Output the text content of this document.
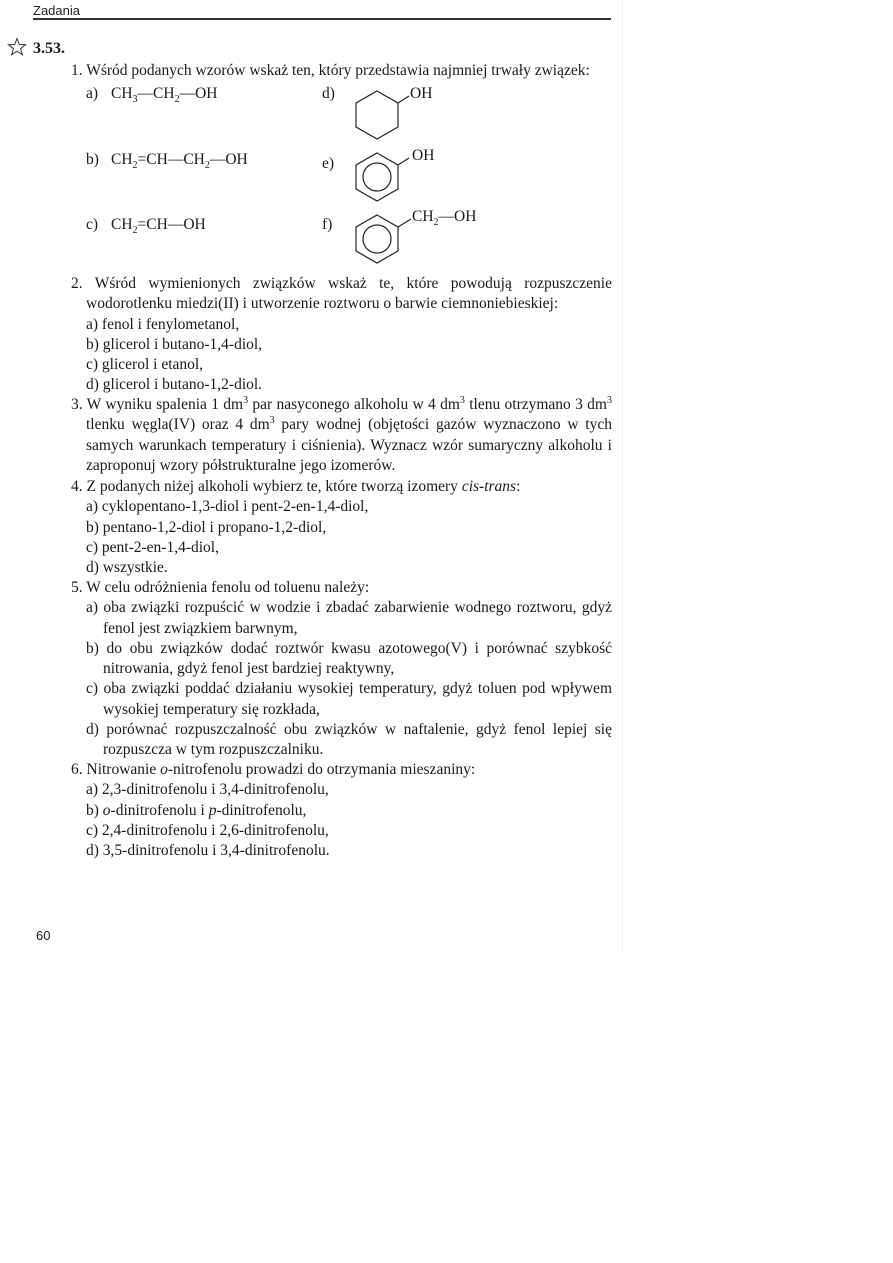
Zadania
3.53.
1. Wśród podanych wzorów wskaż ten, który przedstawia najmniej trwały związek:
a) $CH_3—CH_2—OH$
b) $CH_2=CH—CH_2—OH$
c) $CH_2=CH—OH$
d)	OH
e)	OH
f)	$CH_2—OH$

2. Wśród wymienionych związków wskaż te, które powodują rozpuszczenie wodorotlenku miedzi(II) i utworzenie roztworu o barwie ciemnoniebieskiej:

a) fenol i fenylometanol,

b) glicerol i butano-1,4-diol,

c) glicerol i etanol,

d) glicerol i butano-1,2-diol.

3. W wyniku spalenia 1 $dm^3$ par nasyconego alkoholu w 4 $dm^3$ tlenu otrzymano 3 $dm^3$ tlenku węgla(IV) oraz 4 $dm^3$ pary wodnej (objętości gazów wyznaczono w tych samych warunkach temperatury i ciśnienia). Wyznacz wzór sumaryczny alkoholu i zaproponuj wzory półstrukturalne jego izomerów.

4. Z podanych niżej alkoholi wybierz te, które tworzą izomery cis-trans:

a) cyklopentano-1,3-diol i pent-2-en-1,4-diol,

b) pentano-1,2-diol i propano-1,2-diol,

c) pent-2-en-1,4-diol,

d) wszystkie.

5. W celu odróżnienia fenolu od toluenu należy:

a) oba związki rozpuścić w wodzie i zbadać zabarwienie wodnego roztworu, gdyż fenol jest związkiem barwnym,

b) do obu związków dodać roztwór kwasu azotowego(V) i porównać szybkość nitrowania, gdyż fenol jest bardziej reaktywny,

c) oba związki poddać działaniu wysokiej temperatury, gdyż toluen pod wpływem wysokiej temperatury się rozkłada,

d) porównać rozpuszczalność obu związków w naftalenie, gdyż fenol lepiej się rozpuszcza w tym rozpuszczalniku.

6. Nitrowanie o-nitrofenolu prowadzi do otrzymania mieszaniny:

a) 2,3-dinitrofenolu i 3,4-dinitrofenolu,

b) o-dinitrofenolu i p-dinitrofenolu,

c) 2,4-dinitrofenolu i 2,6-dinitrofenolu,

d) 3,5-dinitrofenolu i 3,4-dinitrofenolu.

60
